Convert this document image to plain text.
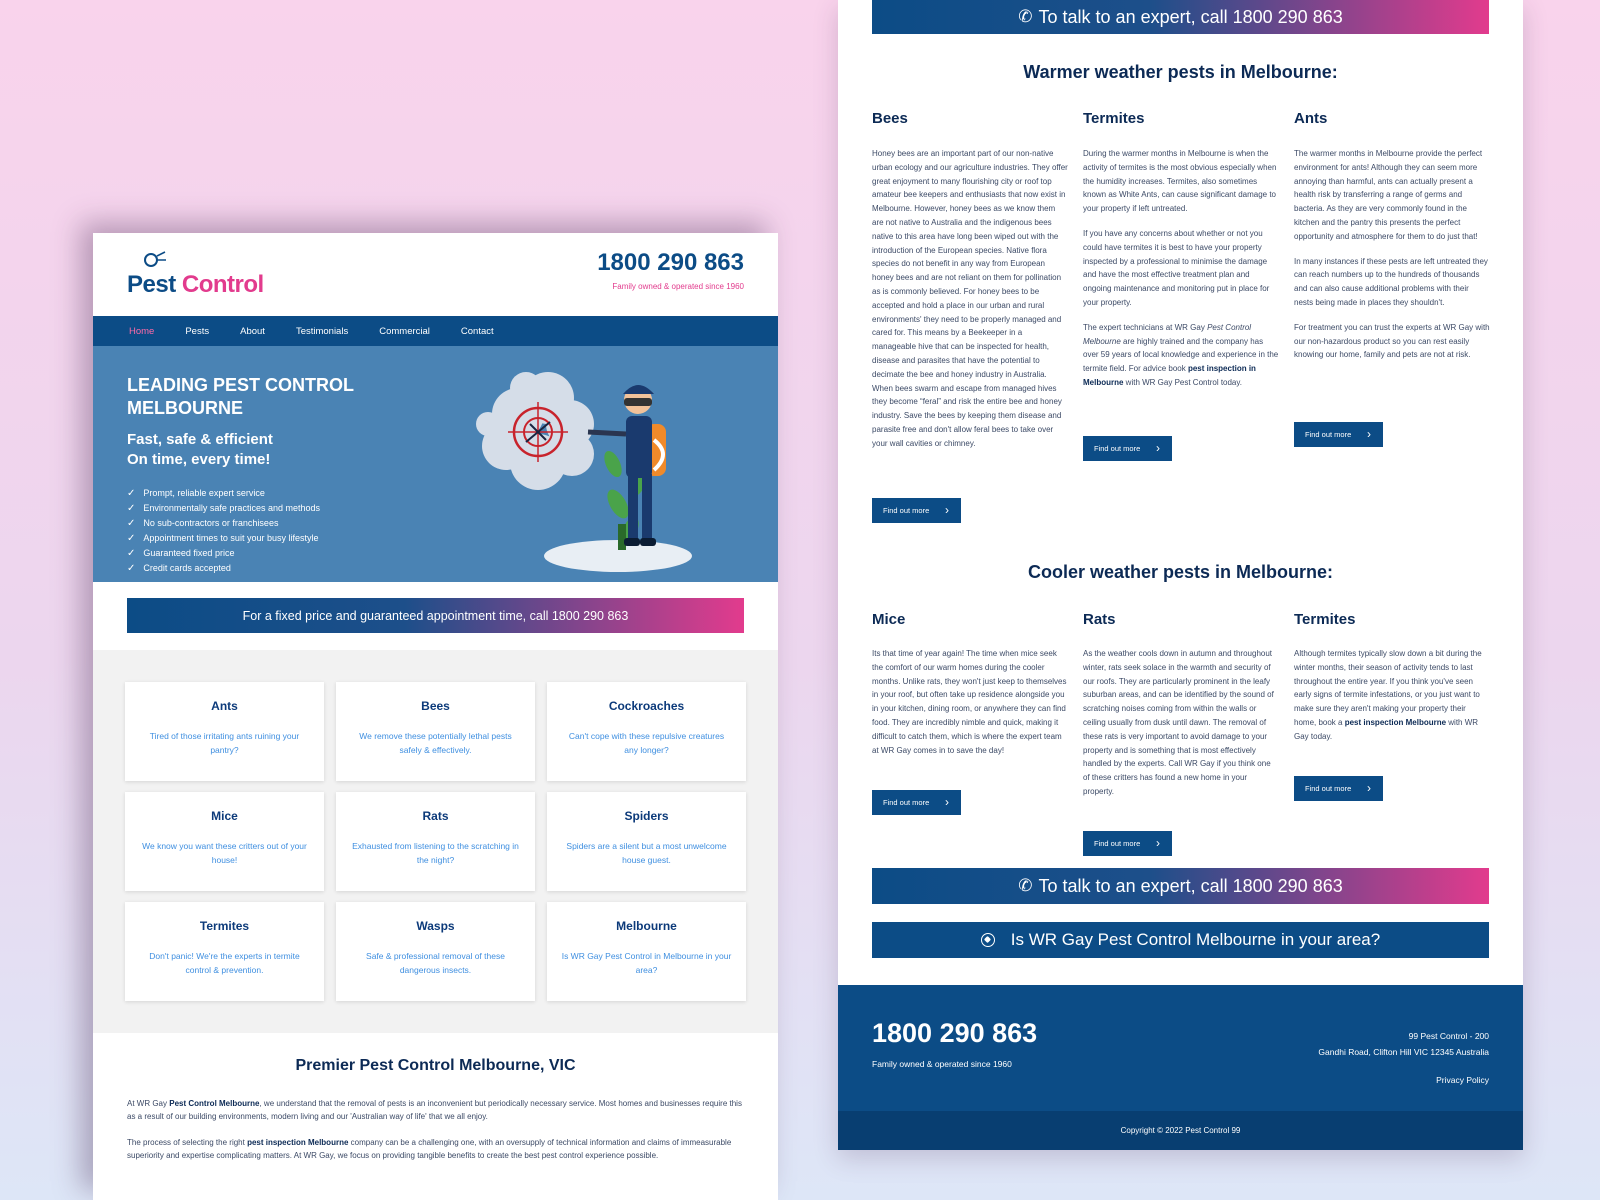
Pest Control
1800 290 863
Family owned & operated since 1960
Home	Pests	About	Testimonials	Commercial	Contact
LEADING PEST CONTROL MELBOURNE
Fast, safe & efficient
On time, every time!
✓ Prompt, reliable expert service
✓ Environmentally safe practices and methods
✓ No sub-contractors or franchisees
✓ Appointment times to suit your busy lifestyle
✓ Guaranteed fixed price
✓ Credit cards accepted
For a fixed price and guaranteed appointment time, call 1800 290 863
Ants
Tired of those irritating ants ruining your pantry?
Bees
We remove these potentially lethal pests safely & effectively.
Cockroaches
Can't cope with these repulsive creatures any longer?
Mice
We know you want these critters out of your house!
Rats
Exhausted from listening to the scratching in the night?
Spiders
Spiders are a silent but a most unwelcome house guest.
Termites
Don't panic! We're the experts in termite control & prevention.
Wasps
Safe & professional removal of these dangerous insects.
Melbourne
Is WR Gay Pest Control in Melbourne in your area?
Premier Pest Control Melbourne, VIC

At WR Gay Pest Control Melbourne, we understand that the removal of pests is an inconvenient but periodically necessary service. Most homes and businesses require this as a result of our building environments, modern living and our 'Australian way of life' that we all enjoy.

The process of selecting the right pest inspection Melbourne company can be a challenging one, with an oversupply of technical information and claims of immeasurable superiority and expertise complicating matters. At WR Gay, we focus on providing tangible benefits to create the best pest control experience possible.

✆ To talk to an expert, call 1800 290 863
Warmer weather pests in Melbourne:
Bees

Honey bees are an important part of our non-native urban ecology and our agriculture industries. They offer great enjoyment to many flourishing city or roof top amateur bee keepers and enthusiasts that now exist in Melbourne. However, honey bees as we know them are not native to Australia and the indigenous bees native to this area have long been wiped out with the introduction of the European species. Native flora species do not benefit in any way from European honey bees and are not reliant on them for pollination as is commonly believed. For honey bees to be accepted and hold a place in our urban and rural environments' they need to be properly managed and cared for. This means by a Beekeeper in a manageable hive that can be inspected for health, disease and parasites that have the potential to decimate the bee and honey industry in Australia. When bees swarm and escape from managed hives they become “feral” and risk the entire bee and honey industry. Save the bees by keeping them disease and parasite free and don't allow feral bees to take over your wall cavities or chimney.

Find out more ›
Termites

During the warmer months in Melbourne is when the activity of termites is the most obvious especially when the humidity increases. Termites, also sometimes known as White Ants, can cause significant damage to your property if left untreated.

If you have any concerns about whether or not you could have termites it is best to have your property inspected by a professional to minimise the damage and have the most effective treatment plan and ongoing maintenance and monitoring put in place for your property.

The expert technicians at WR Gay Pest Control Melbourne are highly trained and the company has over 59 years of local knowledge and experience in the termite field. For advice book pest inspection in Melbourne with WR Gay Pest Control today.

Find out more ›
Ants

The warmer months in Melbourne provide the perfect environment for ants! Although they can seem more annoying than harmful, ants can actually present a health risk by transferring a range of germs and bacteria. As they are very commonly found in the kitchen and the pantry this presents the perfect opportunity and atmosphere for them to do just that!

In many instances if these pests are left untreated they can reach numbers up to the hundreds of thousands and can also cause additional problems with their nests being made in places they shouldn't.

For treatment you can trust the experts at WR Gay with our non-hazardous product so you can rest easily knowing our home, family and pets are not at risk.

Find out more ›
Cooler weather pests in Melbourne:
Mice

Its that time of year again! The time when mice seek the comfort of our warm homes during the cooler months. Unlike rats, they won't just keep to themselves in your roof, but often take up residence alongside you in your kitchen, dining room, or anywhere they can find food. They are incredibly nimble and quick, making it difficult to catch them, which is where the expert team at WR Gay comes in to save the day!

Find out more ›
Rats

As the weather cools down in autumn and throughout winter, rats seek solace in the warmth and security of our roofs. They are particularly prominent in the leafy suburban areas, and can be identified by the sound of scratching noises coming from within the walls or ceiling usually from dusk until dawn. The removal of these rats is very important to avoid damage to your property and is something that is most effectively handled by the experts. Call WR Gay if you think one of these critters has found a new home in your property.

Find out more ›
Termites

Although termites typically slow down a bit during the winter months, their season of activity tends to last throughout the entire year. If you think you've seen early signs of termite infestations, or you just want to make sure they aren't making your property their home, book a pest inspection Melbourne with WR Gay today.

Find out more ›
✆ To talk to an expert, call 1800 290 863
Is WR Gay Pest Control Melbourne in your area?
1800 290 863
Family owned & operated since 1960
99 Pest Control - 200
Gandhi Road, Clifton Hill VIC 12345 Australia
Privacy Policy
Copyright © 2022 Pest Control 99
